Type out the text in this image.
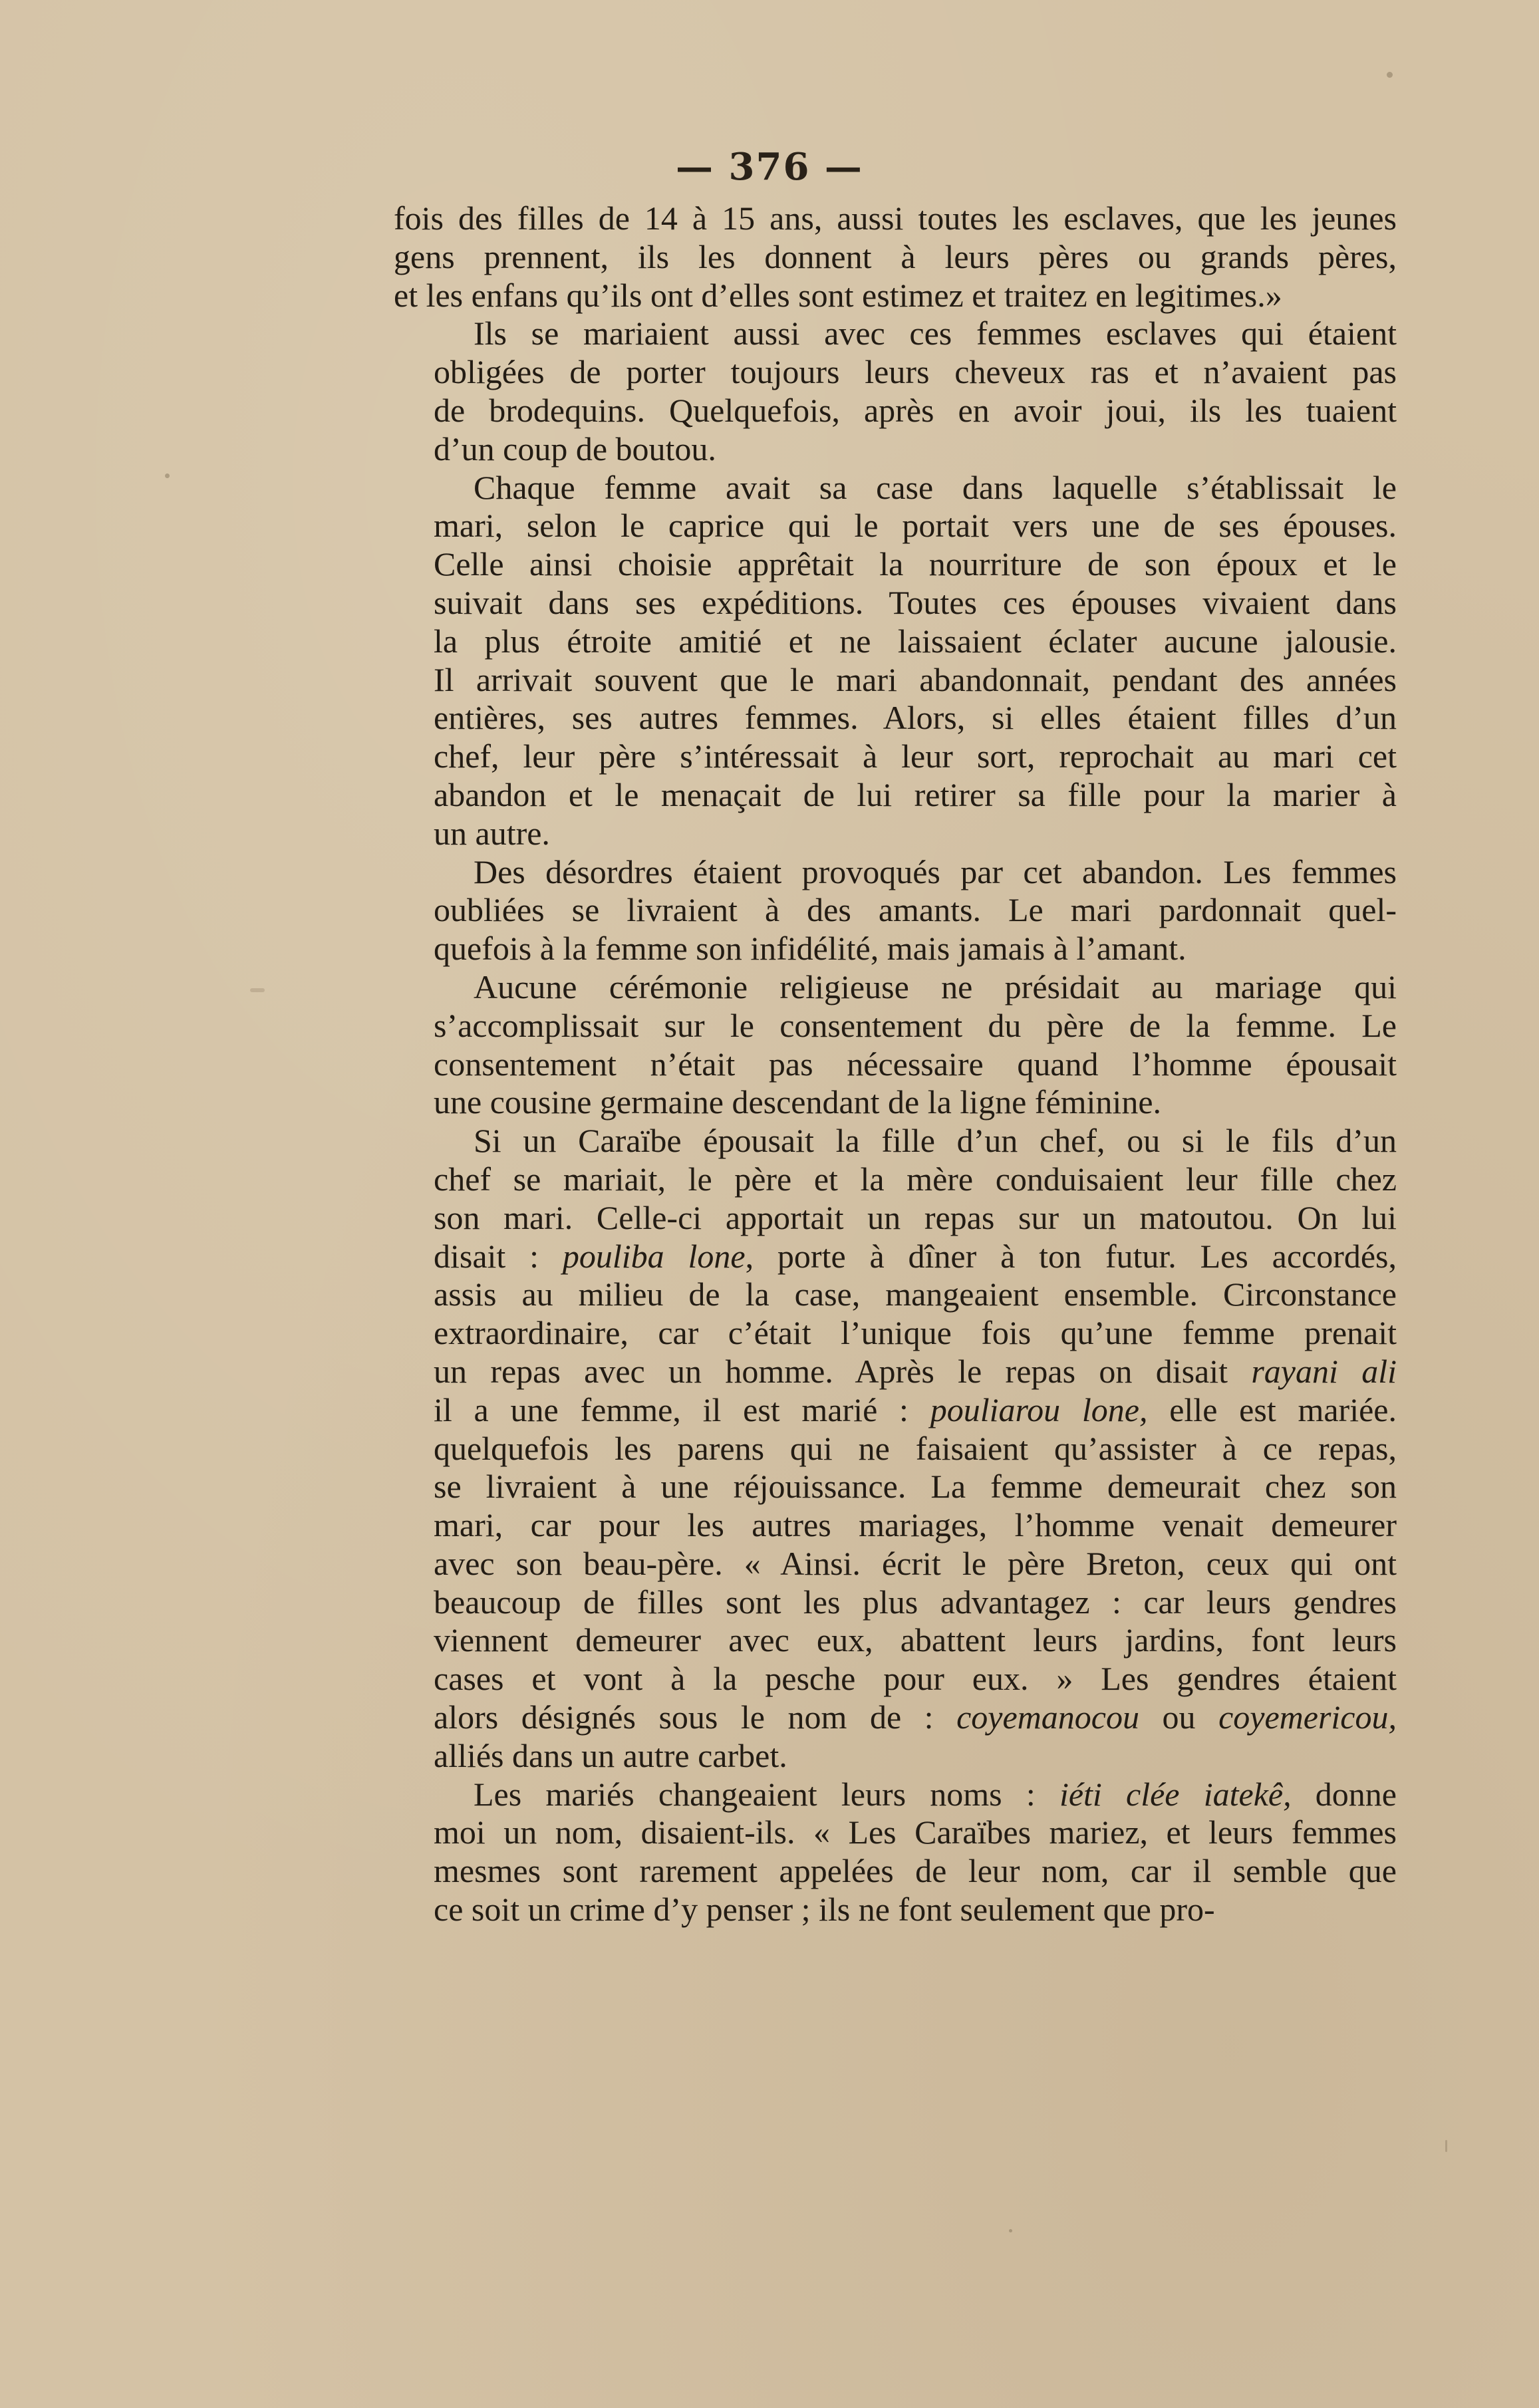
— 376 —

fois des filles de 14 à 15 ans, aussi toutes les esclaves, que les jeunes
gens prennent, ils les donnent à leurs pères ou grands pères,
et les enfans qu’ils ont d’elles sont estimez et traitez en legitimes.»

Ils se mariaient aussi avec ces femmes esclaves qui étaient
obligées de porter toujours leurs cheveux ras et n’avaient pas
de brodequins. Quelquefois, après en avoir joui, ils les tuaient
d’un coup de boutou.

Chaque femme avait sa case dans laquelle s’établissait le
mari, selon le caprice qui le portait vers une de ses épouses.
Celle ainsi choisie apprêtait la nourriture de son époux et le
suivait dans ses expéditions. Toutes ces épouses vivaient dans
la plus étroite amitié et ne laissaient éclater aucune jalousie.
Il arrivait souvent que le mari abandonnait, pendant des années
entières, ses autres femmes. Alors, si elles étaient filles d’un
chef, leur père s’intéressait à leur sort, reprochait au mari cet
abandon et le menaçait de lui retirer sa fille pour la marier à
un autre.

Des désordres étaient provoqués par cet abandon. Les femmes
oubliées se livraient à des amants. Le mari pardonnait quel-
quefois à la femme son infidélité, mais jamais à l’amant.

Aucune cérémonie religieuse ne présidait au mariage qui
s’accomplissait sur le consentement du père de la femme. Le
consentement n’était pas nécessaire quand l’homme épousait
une cousine germaine descendant de la ligne féminine.

Si un Caraïbe épousait la fille d’un chef, ou si le fils d’un
chef se mariait, le père et la mère conduisaient leur fille chez
son mari. Celle-ci apportait un repas sur un matoutou. On lui
disait : pouliba lone, porte à dîner à ton futur. Les accordés,
assis au milieu de la case, mangeaient ensemble. Circonstance
extraordinaire, car c’était l’unique fois qu’une femme prenait
un repas avec un homme. Après le repas on disait rayani ali
il a une femme, il est marié : pouliarou lone, elle est mariée.
quelquefois les parens qui ne faisaient qu’assister à ce repas,
se livraient à une réjouissance. La femme demeurait chez son
mari, car pour les autres mariages, l’homme venait demeurer
avec son beau-père. « Ainsi. écrit le père Breton, ceux qui ont
beaucoup de filles sont les plus advantagez : car leurs gendres
viennent demeurer avec eux, abattent leurs jardins, font leurs
cases et vont à la pesche pour eux. » Les gendres étaient
alors désignés sous le nom de : coyemanocou ou coyemericou,
alliés dans un autre carbet.

Les mariés changeaient leurs noms : iéti clée iatekê, donne
moi un nom, disaient-ils. « Les Caraïbes mariez, et leurs femmes
mesmes sont rarement appelées de leur nom, car il semble que
ce soit un crime d’y penser ; ils ne font seulement que pro-
